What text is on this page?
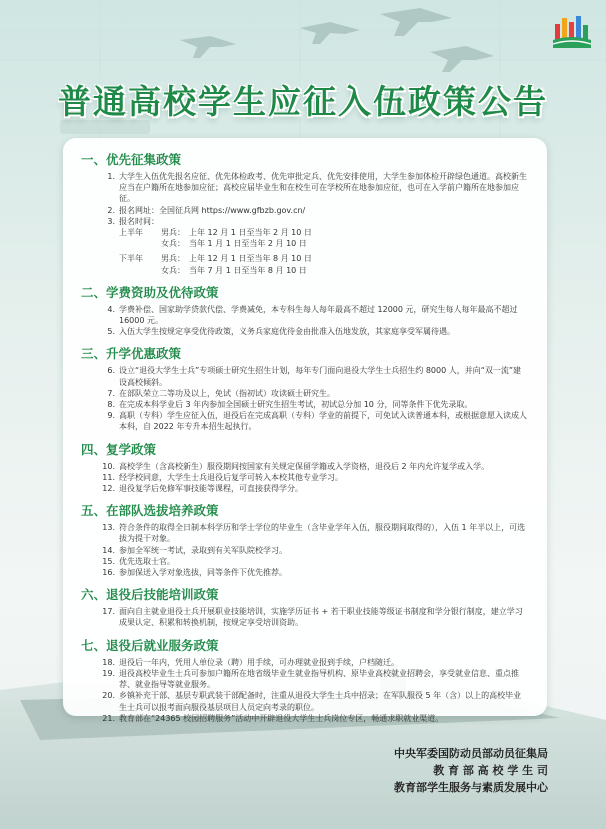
普通高校学生应征入伍政策公告
一、优先征集政策
1. 大学生入伍优先报名应征、优先体检政考、优先审批定兵、优先安排使用，大学生参加体检开辟绿色通道。高校新生应当在户籍所在地参加应征；高校应届毕业生和在校生可在学校所在地参加应征，也可在入学前户籍所在地参加应征。
2. 报名网址：全国征兵网 https://www.gfbzb.gov.cn/
3. 报名时间：
上半年	男兵： 上年 12 月 1 日至当年 2 月 10 日
女兵： 当年 1 月 1 日至当年 2 月 10 日
下半年	男兵： 上年 12 月 1 日至当年 8 月 10 日
女兵： 当年 7 月 1 日至当年 8 月 10 日
二、学费资助及优待政策
4. 学费补偿、国家助学贷款代偿、学费减免，本专科生每人每年最高不超过 12000 元，研究生每人每年最高不超过 16000 元。
5. 入伍大学生按规定享受优待政策，义务兵家庭优待金由批准入伍地发放，其家庭享受军属待遇。
三、升学优惠政策
6. 设立“退役大学生士兵”专项硕士研究生招生计划，每年专门面向退役大学生士兵招生约 8000 人，并向“双一流”建设高校倾斜。
7. 在部队荣立二等功及以上，免试（指初试）攻读硕士研究生。
8. 在完成本科学业后 3 年内参加全国硕士研究生招生考试，初试总分加 10 分，同等条件下优先录取。
9. 高职（专科）学生应征入伍，退役后在完成高职（专科）学业的前提下，可免试入读普通本科，或根据意愿入读成人本科，自 2022 年专升本招生起执行。
四、复学政策
10. 高校学生（含高校新生）服役期间按国家有关规定保留学籍或入学资格，退役后 2 年内允许复学或入学。
11. 经学校同意，大学生士兵退役后复学可转入本校其他专业学习。
12. 退役复学后免修军事技能等课程，可直接获得学分。
五、在部队选拔培养政策
13. 符合条件的取得全日制本科学历和学士学位的毕业生（含毕业学年入伍，服役期间取得的），入伍 1 年半以上，可选拔为提干对象。
14. 参加全军统一考试，录取到有关军队院校学习。
15. 优先选取士官。
16. 参加保送入学对象选拔，同等条件下优先推荐。
六、退役后技能培训政策
17. 面向自主就业退役士兵开展职业技能培训，实施学历证书 + 若干职业技能等级证书制度和学分银行制度，建立学习成果认定、积累和转换机制，按规定享受培训资助。
七、退役后就业服务政策
18. 退役后一年内，凭用人单位录（聘）用手续，可办理就业报到手续，户档随迁。
19. 退役高校毕业生士兵可参加户籍所在地省级毕业生就业指导机构、原毕业高校就业招聘会，享受就业信息、重点推荐、就业指导等就业服务。
20. 乡镇补充干部、基层专职武装干部配备时，注重从退役大学生士兵中招录；在军队服役 5 年（含）以上的高校毕业生士兵可以报考面向服役基层项目人员定向考录的职位。
21. 教育部在“24365 校园招聘服务”活动中开辟退役大学生士兵岗位专区，畅通求职就业渠道。
中央军委国防动员部动员征集局
教 育 部 高 校 学 生 司
教育部学生服务与素质发展中心
